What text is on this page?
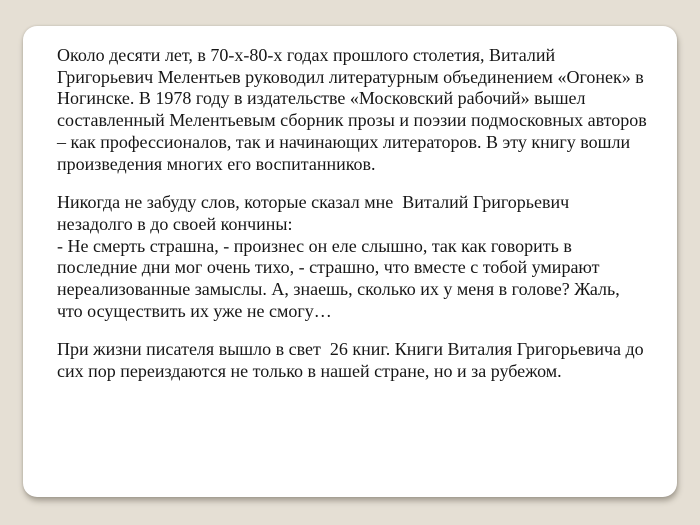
Около десяти лет, в 70-х-80-х годах прошлого столетия, Виталий
Григорьевич Мелентьев руководил литературным объединением «Огонек» в
Ногинске. В 1978 году в издательстве «Московский рабочий» вышел
составленный Мелентьевым сборник прозы и поэзии подмосковных авторов
– как профессионалов, так и начинающих литераторов. В эту книгу вошли
произведения многих его воспитанников.
Никогда не забуду слов, которые сказал мне  Виталий Григорьевич
незадолго в до своей кончины:
- Не смерть страшна, - произнес он еле слышно, так как говорить в
последние дни мог очень тихо, - страшно, что вместе с тобой умирают
нереализованные замыслы. А, знаешь, сколько их у меня в голове? Жаль,
что осуществить их уже не смогу…
При жизни писателя вышло в свет  26 книг. Книги Виталия Григорьевича до
сих пор переиздаются не только в нашей стране, но и за рубежом.
